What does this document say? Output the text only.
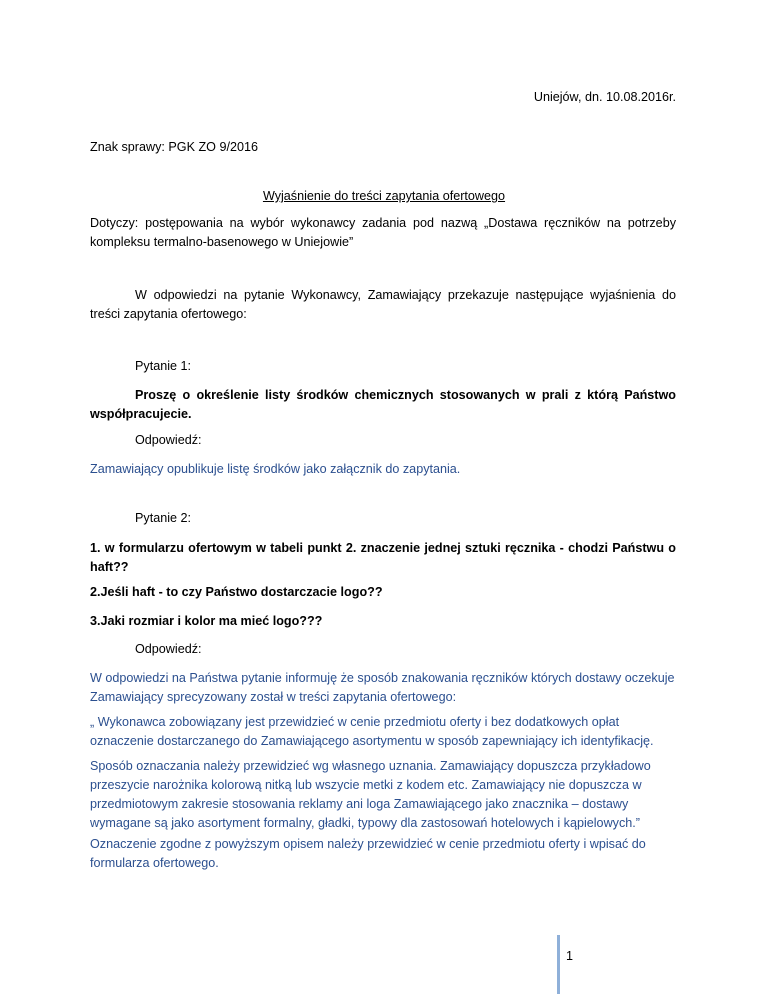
Uniejów, dn. 10.08.2016r.
Znak sprawy: PGK ZO 9/2016
Wyjaśnienie do treści zapytania ofertowego
Dotyczy: postępowania na wybór wykonawcy zadania pod nazwą „Dostawa ręczników na potrzeby kompleksu termalno-basenowego w Uniejowie”
W odpowiedzi na pytanie Wykonawcy, Zamawiający przekazuje następujące wyjaśnienia do treści zapytania ofertowego:
Pytanie 1:
Proszę o określenie listy środków chemicznych stosowanych w prali z którą Państwo współpracujecie.
Odpowiedź:
Zamawiający opublikuje listę środków jako załącznik do zapytania.
Pytanie 2:
1. w formularzu ofertowym w tabeli punkt 2. znaczenie jednej sztuki ręcznika - chodzi Państwu o haft??
2.Jeśli haft - to czy Państwo dostarczacie logo??
3.Jaki rozmiar i kolor ma mieć logo???
Odpowiedź:
W odpowiedzi na Państwa pytanie informuję że sposób znakowania ręczników których dostawy oczekuje Zamawiający sprecyzowany został w treści zapytania ofertowego:
„ Wykonawca zobowiązany jest przewidzieć w cenie przedmiotu oferty i bez dodatkowych opłat oznaczenie dostarczanego do Zamawiającego asortymentu w sposób zapewniający ich identyfikację.
Sposób oznaczania należy przewidzieć wg własnego uznania. Zamawiający dopuszcza przykładowo przeszycie narożnika kolorową nitką lub wszycie metki z kodem etc. Zamawiający nie dopuszcza w przedmiotowym zakresie stosowania reklamy ani loga Zamawiającego jako znacznika – dostawy wymagane są jako asortyment formalny, gładki, typowy dla zastosowań hotelowych i kąpielowych.”
Oznaczenie zgodne z powyższym opisem należy przewidzieć w cenie przedmiotu oferty i wpisać do formularza ofertowego.
1
